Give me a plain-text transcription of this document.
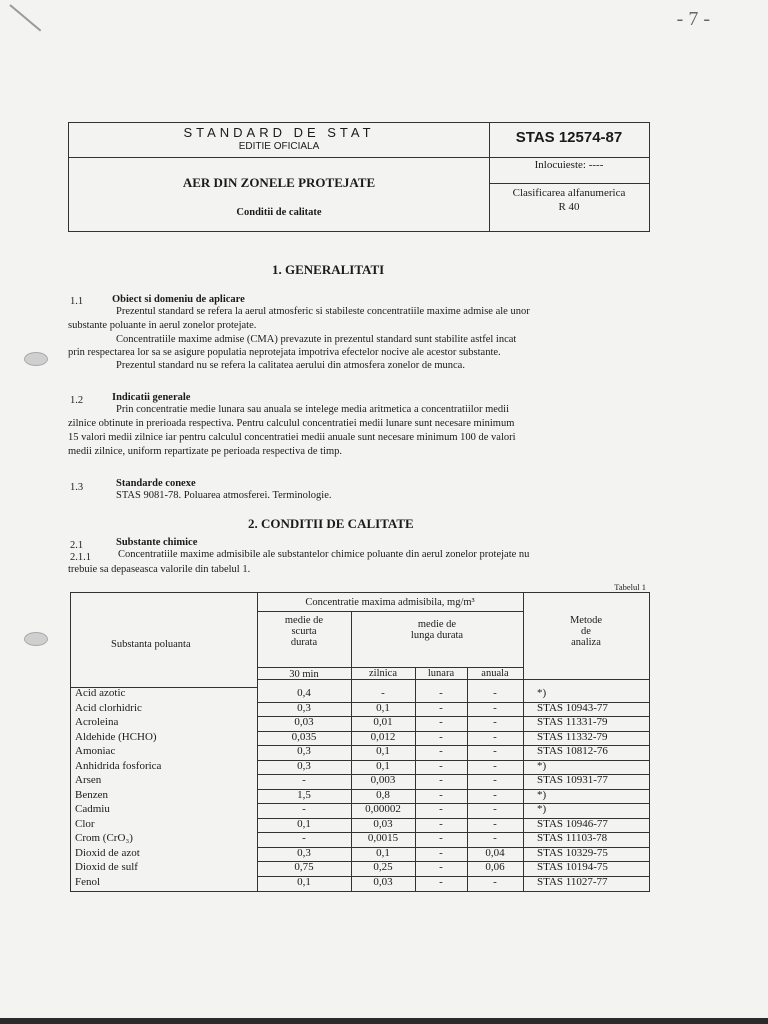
- 7 -
STANDARD DE STAT
EDITIE OFICIALA
STAS 12574-87
Inlocuieste: ----
Clasificarea alfanumerica
R 40
AER DIN ZONELE PROTEJATE
Conditii de calitate
1. GENERALITATI
1.1	Obiect si domeniu de aplicare
Prezentul standard se refera la aerul atmosferic si stabileste concentratiile maxime admise ale unor
substante poluante in aerul zonelor protejate.
Concentratiile maxime admise (CMA) prevazute in prezentul standard sunt stabilite astfel incat
prin respectarea lor sa se asigure populatia neprotejata impotriva efectelor nocive ale acestor substante.
Prezentul standard nu se refera la calitatea aerului din atmosfera zonelor de munca.
1.2	Indicatii generale
Prin concentratie medie lunara sau anuala se intelege media aritmetica a concentratiilor medii
zilnice obtinute in prerioada respectiva. Pentru calculul concentratiei medii lunare sunt necesare minimum
15 valori medii zilnice iar pentru calculul concentratiei medii anuale sunt necesare minimum 100 de valori
medii zilnice, uniform repartizate pe perioada respectiva de timp.
1.3	Standarde conexe
STAS 9081-78. Poluarea atmosferei. Terminologie.
2. CONDITII DE CALITATE
2.1	Substante chimice
2.1.1	Concentratiile maxime admisibile ale substantelor chimice poluante din aerul zonelor protejate nu
trebuie sa depaseasca valorile din tabelul 1.
Tabelul 1
Concentratie maxima admisibila, mg/m³
Substanta poluanta
medie de
scurta
durata
medie de
lunga durata
Metode
de
analiza
30 min	zilnica	lunara	anuala
Acid azotic	0,4	-	-	-	*)
Acid clorhidric	0,3	0,1	-	-	STAS 10943-77
Acroleina	0,03	0,01	-	-	STAS 11331-79
Aldehide (HCHO)	0,035	0,012	-	-	STAS 11332-79
Amoniac	0,3	0,1	-	-	STAS 10812-76
Anhidrida fosforica	0,3	0,1	-	-	*)
Arsen	-	0,003	-	-	STAS 10931-77
Benzen	1,5	0,8	-	-	*)
Cadmiu	-	0,00002	-	-	*)
Clor	0,1	0,03	-	-	STAS 10946-77
Crom (CrO₃)	-	0,0015	-	-	STAS 11103-78
Dioxid de azot	0,3	0,1	-	0,04	STAS 10329-75
Dioxid de sulf	0,75	0,25	-	0,06	STAS 10194-75
Fenol	0,1	0,03	-	-	STAS 11027-77
